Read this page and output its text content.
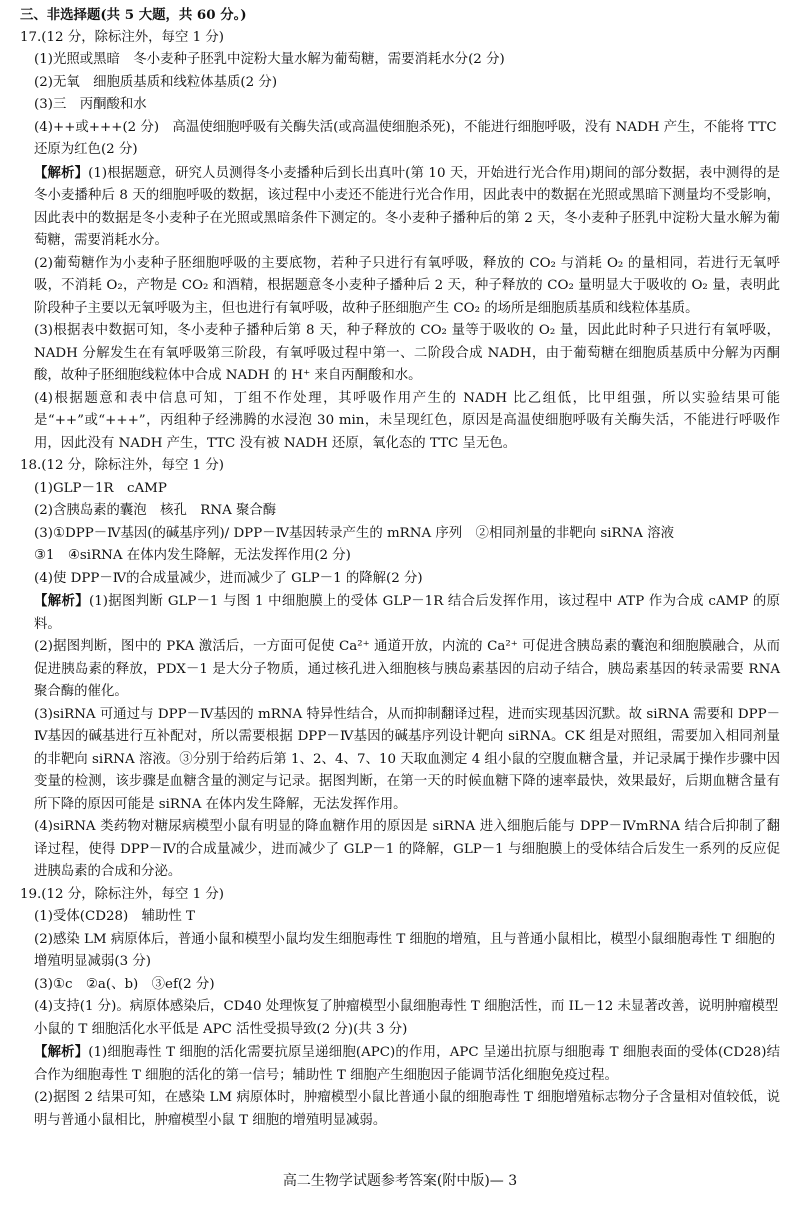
三、非选择题(共 5 大题，共 60 分。)

17.(12 分，除标注外，每空 1 分)

(1)光照或黑暗　冬小麦种子胚乳中淀粉大量水解为葡萄糖，需要消耗水分(2 分)

(2)无氧　细胞质基质和线粒体基质(2 分)

(3)三　丙酮酸和水

(4)++或+++(2 分)　高温使细胞呼吸有关酶失活(或高温使细胞杀死)，不能进行细胞呼吸，没有 NADH 产生，不能将 TTC 还原为红色(2 分)

【解析】(1)根据题意，研究人员测得冬小麦播种后到长出真叶(第 10 天，开始进行光合作用)期间的部分数据，表中测得的是冬小麦播种后 8 天的细胞呼吸的数据，该过程中小麦还不能进行光合作用，因此表中的数据在光照或黑暗下测量均不受影响，因此表中的数据是冬小麦种子在光照或黑暗条件下测定的。冬小麦种子播种后的第 2 天，冬小麦种子胚乳中淀粉大量水解为葡萄糖，需要消耗水分。

(2)葡萄糖作为小麦种子胚细胞呼吸的主要底物，若种子只进行有氧呼吸，释放的 CO₂ 与消耗 O₂ 的量相同，若进行无氧呼吸，不消耗 O₂，产物是 CO₂ 和酒精，根据题意冬小麦种子播种后 2 天，种子释放的 CO₂ 量明显大于吸收的 O₂ 量，表明此阶段种子主要以无氧呼吸为主，但也进行有氧呼吸，故种子胚细胞产生 CO₂ 的场所是细胞质基质和线粒体基质。

(3)根据表中数据可知，冬小麦种子播种后第 8 天，种子释放的 CO₂ 量等于吸收的 O₂ 量，因此此时种子只进行有氧呼吸，NADH 分解发生在有氧呼吸第三阶段，有氧呼吸过程中第一、二阶段合成 NADH，由于葡萄糖在细胞质基质中分解为丙酮酸，故种子胚细胞线粒体中合成 NADH 的 H⁺ 来自丙酮酸和水。

(4)根据题意和表中信息可知，丁组不作处理，其呼吸作用产生的 NADH 比乙组低，比甲组强，所以实验结果可能是“++”或“+++”，丙组种子经沸腾的水浸泡 30 min，未呈现红色，原因是高温使细胞呼吸有关酶失活，不能进行呼吸作用，因此没有 NADH 产生，TTC 没有被 NADH 还原，氧化态的 TTC 呈无色。

18.(12 分，除标注外，每空 1 分)

(1)GLP－1R　cAMP

(2)含胰岛素的囊泡　核孔　RNA 聚合酶

(3)①DPP－Ⅳ基因(的碱基序列)/ DPP－Ⅳ基因转录产生的 mRNA 序列　②相同剂量的非靶向 siRNA 溶液

③1　④siRNA 在体内发生降解，无法发挥作用(2 分)

(4)使 DPP－Ⅳ的合成量减少，进而减少了 GLP－1 的降解(2 分)

【解析】(1)据图判断 GLP－1 与图 1 中细胞膜上的受体 GLP－1R 结合后发挥作用，该过程中 ATP 作为合成 cAMP 的原料。

(2)据图判断，图中的 PKA 激活后，一方面可促使 Ca²⁺ 通道开放，内流的 Ca²⁺ 可促进含胰岛素的囊泡和细胞膜融合，从而促进胰岛素的释放，PDX－1 是大分子物质，通过核孔进入细胞核与胰岛素基因的启动子结合，胰岛素基因的转录需要 RNA 聚合酶的催化。

(3)siRNA 可通过与 DPP－Ⅳ基因的 mRNA 特异性结合，从而抑制翻译过程，进而实现基因沉默。故 siRNA 需要和 DPP－Ⅳ基因的碱基进行互补配对，所以需要根据 DPP－Ⅳ基因的碱基序列设计靶向 siRNA。CK 组是对照组，需要加入相同剂量的非靶向 siRNA 溶液。③分别于给药后第 1、2、4、7、10 天取血测定 4 组小鼠的空腹血糖含量，并记录属于操作步骤中因变量的检测，该步骤是血糖含量的测定与记录。据图判断，在第一天的时候血糖下降的速率最快，效果最好，后期血糖含量有所下降的原因可能是 siRNA 在体内发生降解，无法发挥作用。

(4)siRNA 类药物对糖尿病模型小鼠有明显的降血糖作用的原因是 siRNA 进入细胞后能与 DPP－ⅣmRNA 结合后抑制了翻译过程，使得 DPP－Ⅳ的合成量减少，进而减少了 GLP－1 的降解，GLP－1 与细胞膜上的受体结合后发生一系列的反应促进胰岛素的合成和分泌。

19.(12 分，除标注外，每空 1 分)

(1)受体(CD28)　辅助性 T

(2)感染 LM 病原体后，普通小鼠和模型小鼠均发生细胞毒性 T 细胞的增殖，且与普通小鼠相比，模型小鼠细胞毒性 T 细胞的增殖明显减弱(3 分)

(3)①c　②a(、b)　③ef(2 分)

(4)支持(1 分)。病原体感染后，CD40 处理恢复了肿瘤模型小鼠细胞毒性 T 细胞活性，而 IL－12 未显著改善，说明肿瘤模型小鼠的 T 细胞活化水平低是 APC 活性受损导致(2 分)(共 3 分)

【解析】(1)细胞毒性 T 细胞的活化需要抗原呈递细胞(APC)的作用，APC 呈递出抗原与细胞毒 T 细胞表面的受体(CD28)结合作为细胞毒性 T 细胞的活化的第一信号；辅助性 T 细胞产生细胞因子能调节活化细胞免疫过程。

(2)据图 2 结果可知，在感染 LM 病原体时，肿瘤模型小鼠比普通小鼠的细胞毒性 T 细胞增殖标志物分子含量相对值较低，说明与普通小鼠相比，肿瘤模型小鼠 T 细胞的增殖明显减弱。

高二生物学试题参考答案(附中版)— 3
